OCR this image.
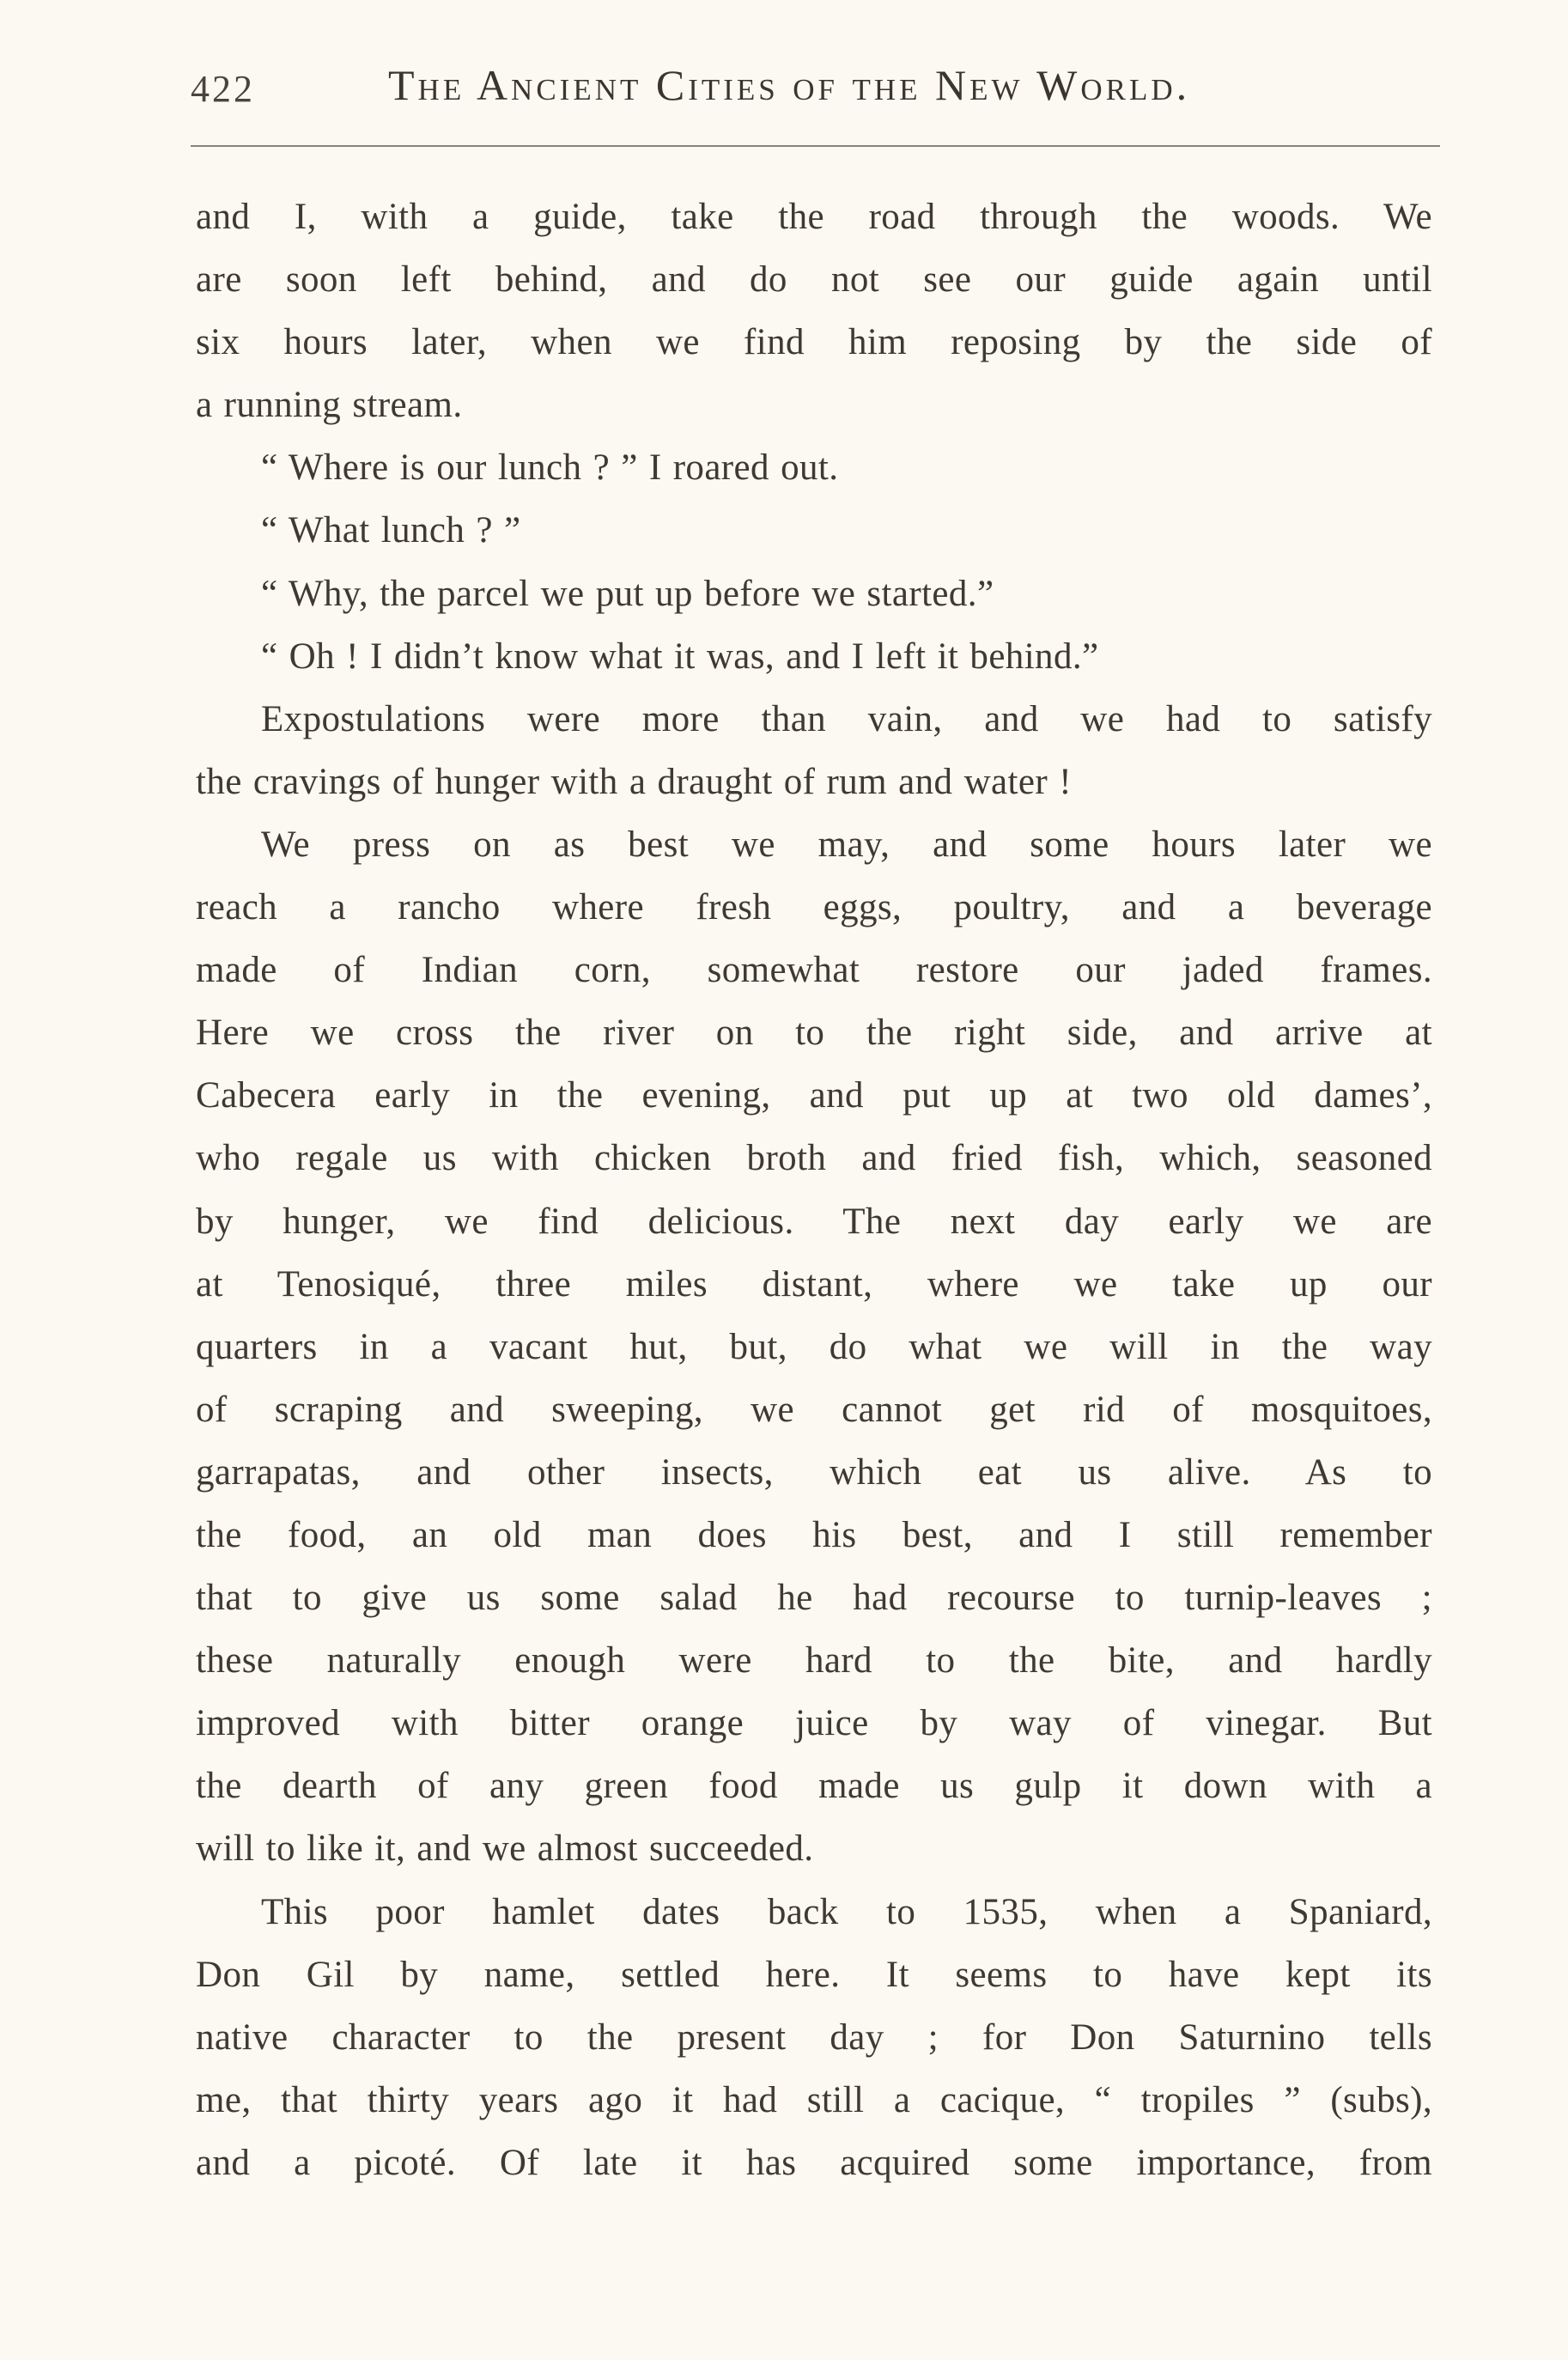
422	The Ancient Cities of the New World.
and I, with a guide, take the road through the woods. We
are soon left behind, and do not see our guide again until
six hours later, when we find him reposing by the side of
a running stream.
“ Where is our lunch ? ” I roared out.
“ What lunch ? ”
“ Why, the parcel we put up before we started.”
“ Oh ! I didn’t know what it was, and I left it behind.”
Expostulations were more than vain, and we had to satisfy
the cravings of hunger with a draught of rum and water !
We press on as best we may, and some hours later we
reach a rancho where fresh eggs, poultry, and a beverage
made of Indian corn, somewhat restore our jaded frames.
Here we cross the river on to the right side, and arrive at
Cabecera early in the evening, and put up at two old dames’,
who regale us with chicken broth and fried fish, which, seasoned
by hunger, we find delicious. The next day early we are
at Tenosiqué, three miles distant, where we take up our
quarters in a vacant hut, but, do what we will in the way
of scraping and sweeping, we cannot get rid of mosquitoes,
garrapatas, and other insects, which eat us alive. As to
the food, an old man does his best, and I still remember
that to give us some salad he had recourse to turnip-leaves ;
these naturally enough were hard to the bite, and hardly
improved with bitter orange juice by way of vinegar. But
the dearth of any green food made us gulp it down with a
will to like it, and we almost succeeded.
This poor hamlet dates back to 1535, when a Spaniard,
Don Gil by name, settled here. It seems to have kept its
native character to the present day ; for Don Saturnino tells
me, that thirty years ago it had still a cacique, “ tropiles ” (subs),
and a picoté. Of late it has acquired some importance, from
